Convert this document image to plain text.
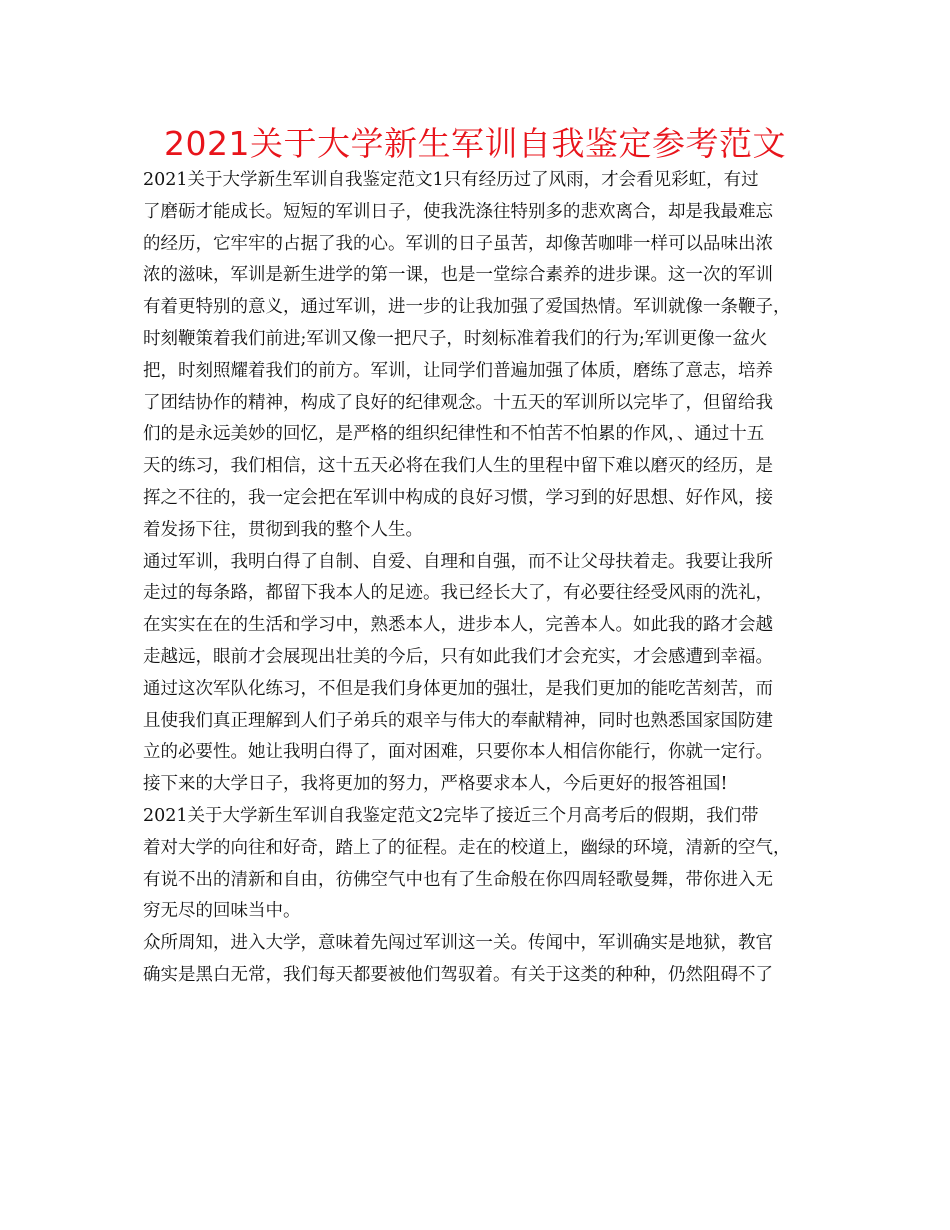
2021关于大学新生军训自我鉴定参考范文
2021关于大学新生军训自我鉴定范文1只有经历过了风雨，才会看见彩虹，有过
了磨砺才能成长。短短的军训日子，使我洗涤往特别多的悲欢离合，却是我最难忘
的经历，它牢牢的占据了我的心。军训的日子虽苦，却像苦咖啡一样可以品味出浓
浓的滋味，军训是新生进学的第一课，也是一堂综合素养的进步课。这一次的军训
有着更特别的意义，通过军训，进一步的让我加强了爱国热情。军训就像一条鞭子，
时刻鞭策着我们前进;军训又像一把尺子，时刻标准着我们的行为;军训更像一盆火
把，时刻照耀着我们的前方。军训，让同学们普遍加强了体质，磨练了意志，培养
了团结协作的精神，构成了良好的纪律观念。十五天的军训所以完毕了，但留给我
们的是永远美妙的回忆，是严格的组织纪律性和不怕苦不怕累的作风，、通过十五
天的练习，我们相信，这十五天必将在我们人生的里程中留下难以磨灭的经历，是
挥之不往的，我一定会把在军训中构成的良好习惯，学习到的好思想、好作风，接
着发扬下往，贯彻到我的整个人生。
通过军训，我明白得了自制、自爱、自理和自强，而不让父母扶着走。我要让我所
走过的每条路，都留下我本人的足迹。我已经长大了，有必要往经受风雨的洗礼，
在实实在在的生活和学习中，熟悉本人，进步本人，完善本人。如此我的路才会越
走越远，眼前才会展现出壮美的今后，只有如此我们才会充实，才会感遭到幸福。
通过这次军队化练习，不但是我们身体更加的强壮，是我们更加的能吃苦刻苦，而
且使我们真正理解到人们子弟兵的艰辛与伟大的奉献精神，同时也熟悉国家国防建
立的必要性。她让我明白得了，面对困难，只要你本人相信你能行，你就一定行。
接下来的大学日子，我将更加的努力，严格要求本人，今后更好的报答祖国!
2021关于大学新生军训自我鉴定范文2完毕了接近三个月高考后的假期，我们带
着对大学的向往和好奇，踏上了的征程。走在的校道上，幽绿的环境，清新的空气，
有说不出的清新和自由，彷佛空气中也有了生命般在你四周轻歌曼舞，带你进入无
穷无尽的回味当中。
众所周知，进入大学，意味着先闯过军训这一关。传闻中，军训确实是地狱，教官
确实是黑白无常，我们每天都要被他们驾驭着。有关于这类的种种，仍然阻碍不了
